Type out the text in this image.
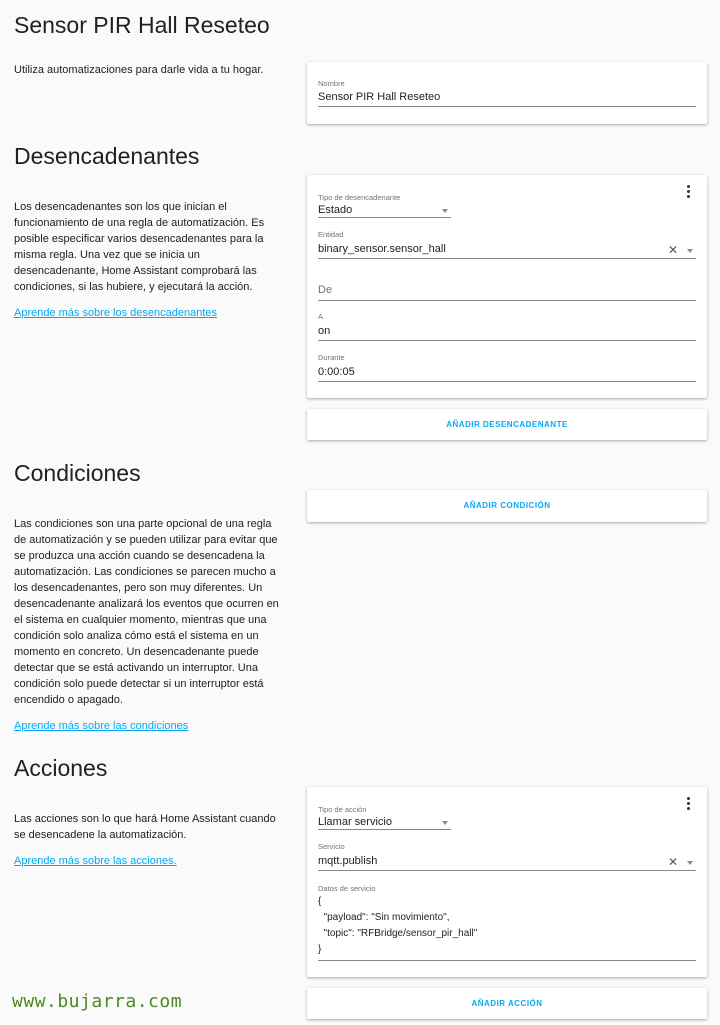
Sensor PIR Hall Reseteo

Utiliza automatizaciones para darle vida a tu hogar.

Nombre
Sensor PIR Hall Reseteo
Desencadenantes

Los desencadenantes son los que inician el funcionamiento de una regla de automatización. Es posible especificar varios desencadenantes para la misma regla. Una vez que se inicia un desencadenante, Home Assistant comprobará las condiciones, si las hubiere, y ejecutará la acción.

Aprende más sobre los desencadenantes
Tipo de desencadenante
Estado
Entidad
binary_sensor.sensor_hall	✕
De
A
on
Durante
0:00:05
AÑADIR DESENCADENANTE
Condiciones
AÑADIR CONDICIÓN

Las condiciones son una parte opcional de una regla de automatización y se pueden utilizar para evitar que se produzca una acción cuando se desencadena la automatización. Las condiciones se parecen mucho a los desencadenantes, pero son muy diferentes. Un desencadenante analizará los eventos que ocurren en el sistema en cualquier momento, mientras que una condición solo analiza cómo está el sistema en un momento en concreto. Un desencadenante puede detectar que se está activando un interruptor. Una condición solo puede detectar si un interruptor está encendido o apagado.

Aprende más sobre las condiciones
Acciones

Las acciones son lo que hará Home Assistant cuando se desencadene la automatización.

Aprende más sobre las acciones.
Tipo de acción
Llamar servicio
Servicio
mqtt.publish	✕
Datos de servicio
{
"payload": "Sin movimiento",
"topic": "RFBridge/sensor_pir_hall"
}
AÑADIR ACCIÓN
www.bujarra.com
